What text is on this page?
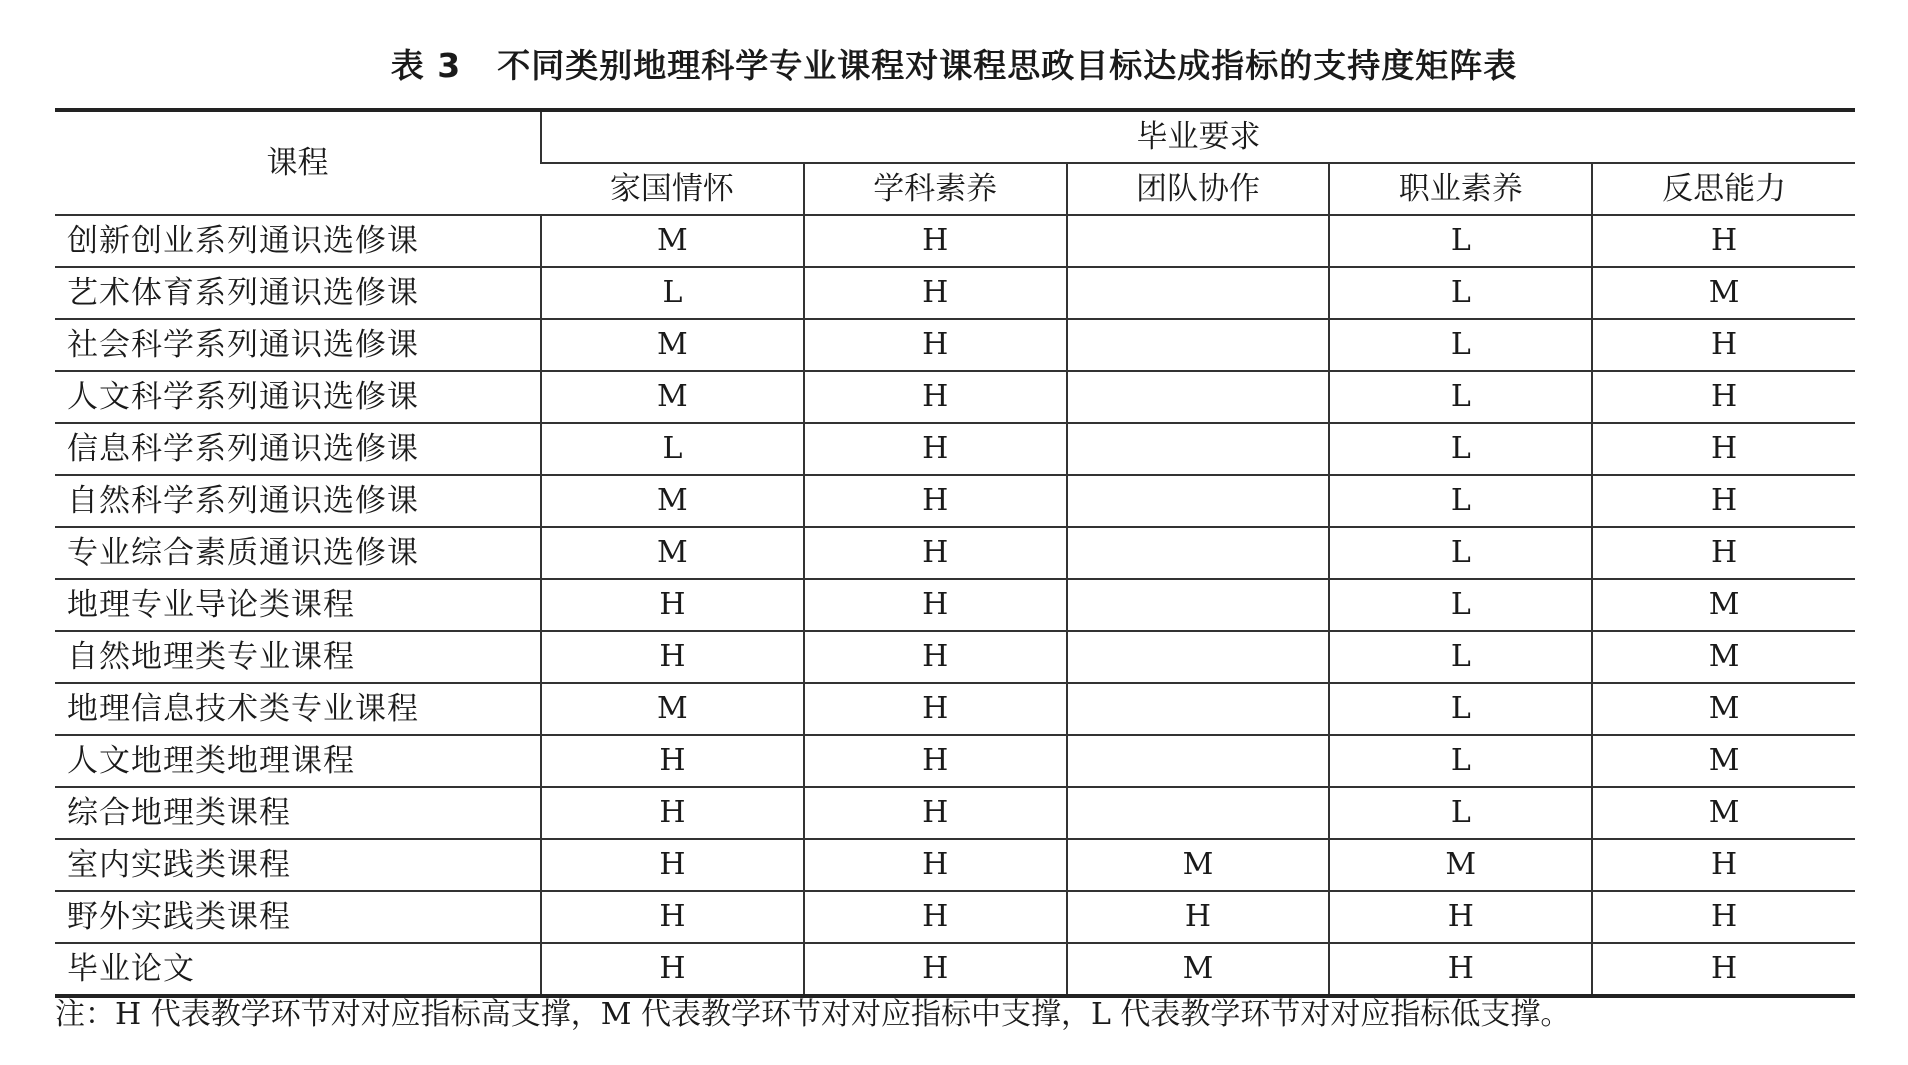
表 3 不同类别地理科学专业课程对课程思政目标达成指标的支持度矩阵表
课程	毕业要求				
	家国情怀	学科素养	团队协作	职业素养	反思能力
创新创业系列通识选修课	M	H		L	H
艺术体育系列通识选修课	L	H		L	M
社会科学系列通识选修课	M	H		L	H
人文科学系列通识选修课	M	H		L	H
信息科学系列通识选修课	L	H		L	H
自然科学系列通识选修课	M	H		L	H
专业综合素质通识选修课	M	H		L	H
地理专业导论类课程	H	H		L	M
自然地理类专业课程	H	H		L	M
地理信息技术类专业课程	M	H		L	M
人文地理类地理课程	H	H		L	M
综合地理类课程	H	H		L	M
室内实践类课程	H	H	M	M	H
野外实践类课程	H	H	H	H	H
毕业论文	H	H	M	H	H
注：H 代表教学环节对对应指标高支撑，M 代表教学环节对对应指标中支撑，L 代表教学环节对对应指标低支撑。
